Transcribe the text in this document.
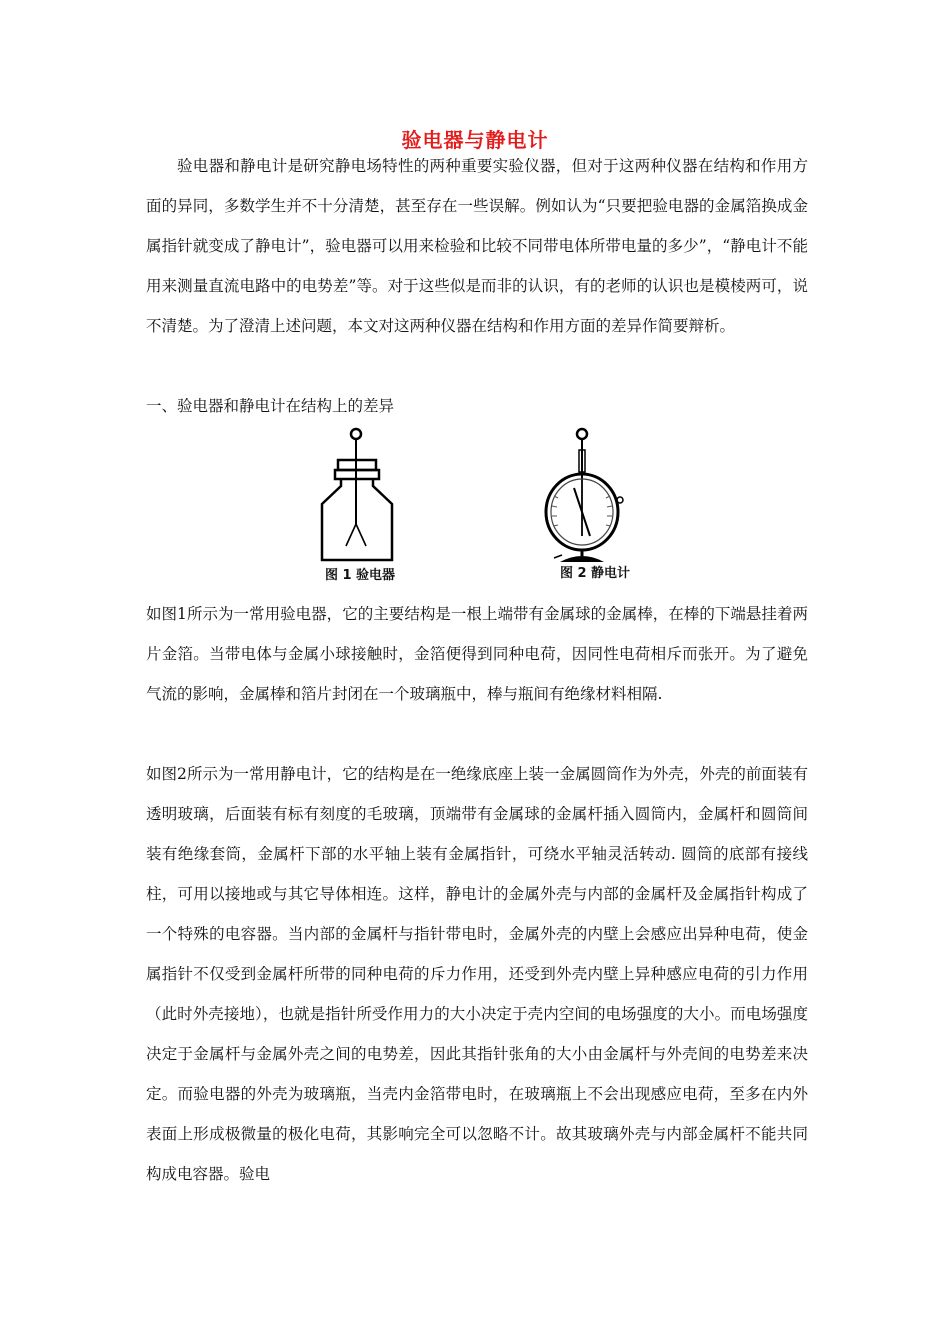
验电器与静电计

验电器和静电计是研究静电场特性的两种重要实验仪器，但对于这两种仪器在结构和作用方面的异同，多数学生并不十分清楚，甚至存在一些误解。例如认为“只要把验电器的金属箔换成金属指针就变成了静电计”，验电器可以用来检验和比较不同带电体所带电量的多少”，“静电计不能用来测量直流电路中的电势差”等。对于这些似是而非的认识，有的老师的认识也是模棱两可，说不清楚。为了澄清上述问题，本文对这两种仪器在结构和作用方面的差异作简要辩析。

一、验电器和静电计在结构上的差异

图 1 验电器	图 2 静电计

如图1所示为一常用验电器，它的主要结构是一根上端带有金属球的金属棒，在棒的下端悬挂着两片金箔。当带电体与金属小球接触时，金箔便得到同种电荷，因同性电荷相斥而张开。为了避免气流的影响，金属棒和箔片封闭在一个玻璃瓶中，棒与瓶间有绝缘材料相隔.

如图2所示为一常用静电计，它的结构是在一绝缘底座上装一金属圆筒作为外壳，外壳的前面装有透明玻璃，后面装有标有刻度的毛玻璃，顶端带有金属球的金属杆插入圆筒内，金属杆和圆筒间装有绝缘套筒，金属杆下部的水平轴上装有金属指针，可绕水平轴灵活转动. 圆筒的底部有接线柱，可用以接地或与其它导体相连。这样，静电计的金属外壳与内部的金属杆及金属指针构成了一个特殊的电容器。当内部的金属杆与指针带电时，金属外壳的内壁上会感应出异种电荷，使金属指针不仅受到金属杆所带的同种电荷的斥力作用，还受到外壳内壁上异种感应电荷的引力作用（此时外壳接地），也就是指针所受作用力的大小决定于壳内空间的电场强度的大小。而电场强度决定于金属杆与金属外壳之间的电势差，因此其指针张角的大小由金属杆与外壳间的电势差来决定。而验电器的外壳为玻璃瓶，当壳内金箔带电时，在玻璃瓶上不会出现感应电荷，至多在内外表面上形成极微量的极化电荷，其影响完全可以忽略不计。故其玻璃外壳与内部金属杆不能共同构成电容器。验电
